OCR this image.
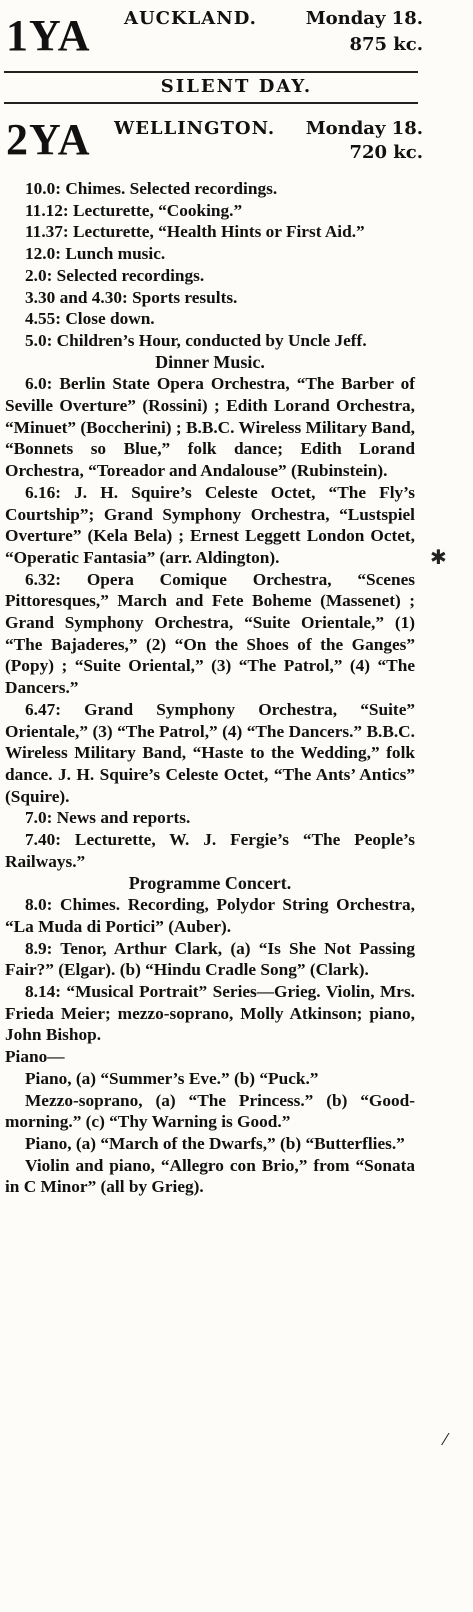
1YA AUCKLAND.	Monday 18.
875 kc.
SILENT DAY.
2YA WELLINGTON. Monday 18.
720 kc.

10.0: Chimes. Selected recordings.

11.12: Lecturette, “Cooking.”

11.37: Lecturette, “Health Hints or First Aid.”

12.0: Lunch music.

2.0: Selected recordings.

3.30 and 4.30: Sports results.

4.55: Close down.

5.0: Children’s Hour, conducted by Uncle Jeff.

Dinner Music.

6.0: Berlin State Opera Orchestra, “The Barber of Seville Overture” (Rossini) ; Edith Lorand Orchestra, “Minuet” (Boccherini) ; B.B.C. Wireless Military Band, “Bonnets so Blue,” folk dance; Edith Lorand Orchestra, “Toreador and Andalouse” (Rubinstein).

6.16: J. H. Squire’s Celeste Octet, “The Fly’s Courtship”; Grand Symphony Orchestra, “Lustspiel Overture” (Kela Bela) ; Ernest Leggett London Octet, “Operatic Fantasia” (arr. Aldington).

6.32: Opera Comique Orchestra, “Scenes Pittoresques,” March and Fete Boheme (Massenet) ; Grand Symphony Orchestra, “Suite Orientale,” (1) “The Bajaderes,” (2) “On the Shoes of the Ganges” (Popy) ; “Suite Oriental,” (3) “The Patrol,” (4) “The Dancers.”

6.47: Grand Symphony Orchestra, “Suite” Orientale,” (3) “The Patrol,” (4) “The Dancers.” B.B.C. Wireless Military Band, “Haste to the Wedding,” folk dance. J. H. Squire’s Celeste Octet, “The Ants’ Antics” (Squire).

7.0: News and reports.

7.40: Lecturette, W. J. Fergie’s “The People’s Railways.”

Programme Concert.

8.0: Chimes. Recording, Polydor String Orchestra, “La Muda di Portici” (Auber).

8.9: Tenor, Arthur Clark, (a) “Is She Not Passing Fair?” (Elgar). (b) “Hindu Cradle Song” (Clark).

8.14: “Musical Portrait” Series—Grieg. Violin, Mrs. Frieda Meier; mezzo-soprano, Molly Atkinson; piano, John Bishop.

Piano—

Piano, (a) “Summer’s Eve.” (b) “Puck.”

Mezzo-soprano, (a) “The Princess.” (b) “Good-morning.” (c) “Thy Warning is Good.”

Piano, (a) “March of the Dwarfs,” (b) “Butterflies.”

Violin and piano, “Allegro con Brio,” from “Sonata in C Minor” (all by Grieg).

✱
⁄
